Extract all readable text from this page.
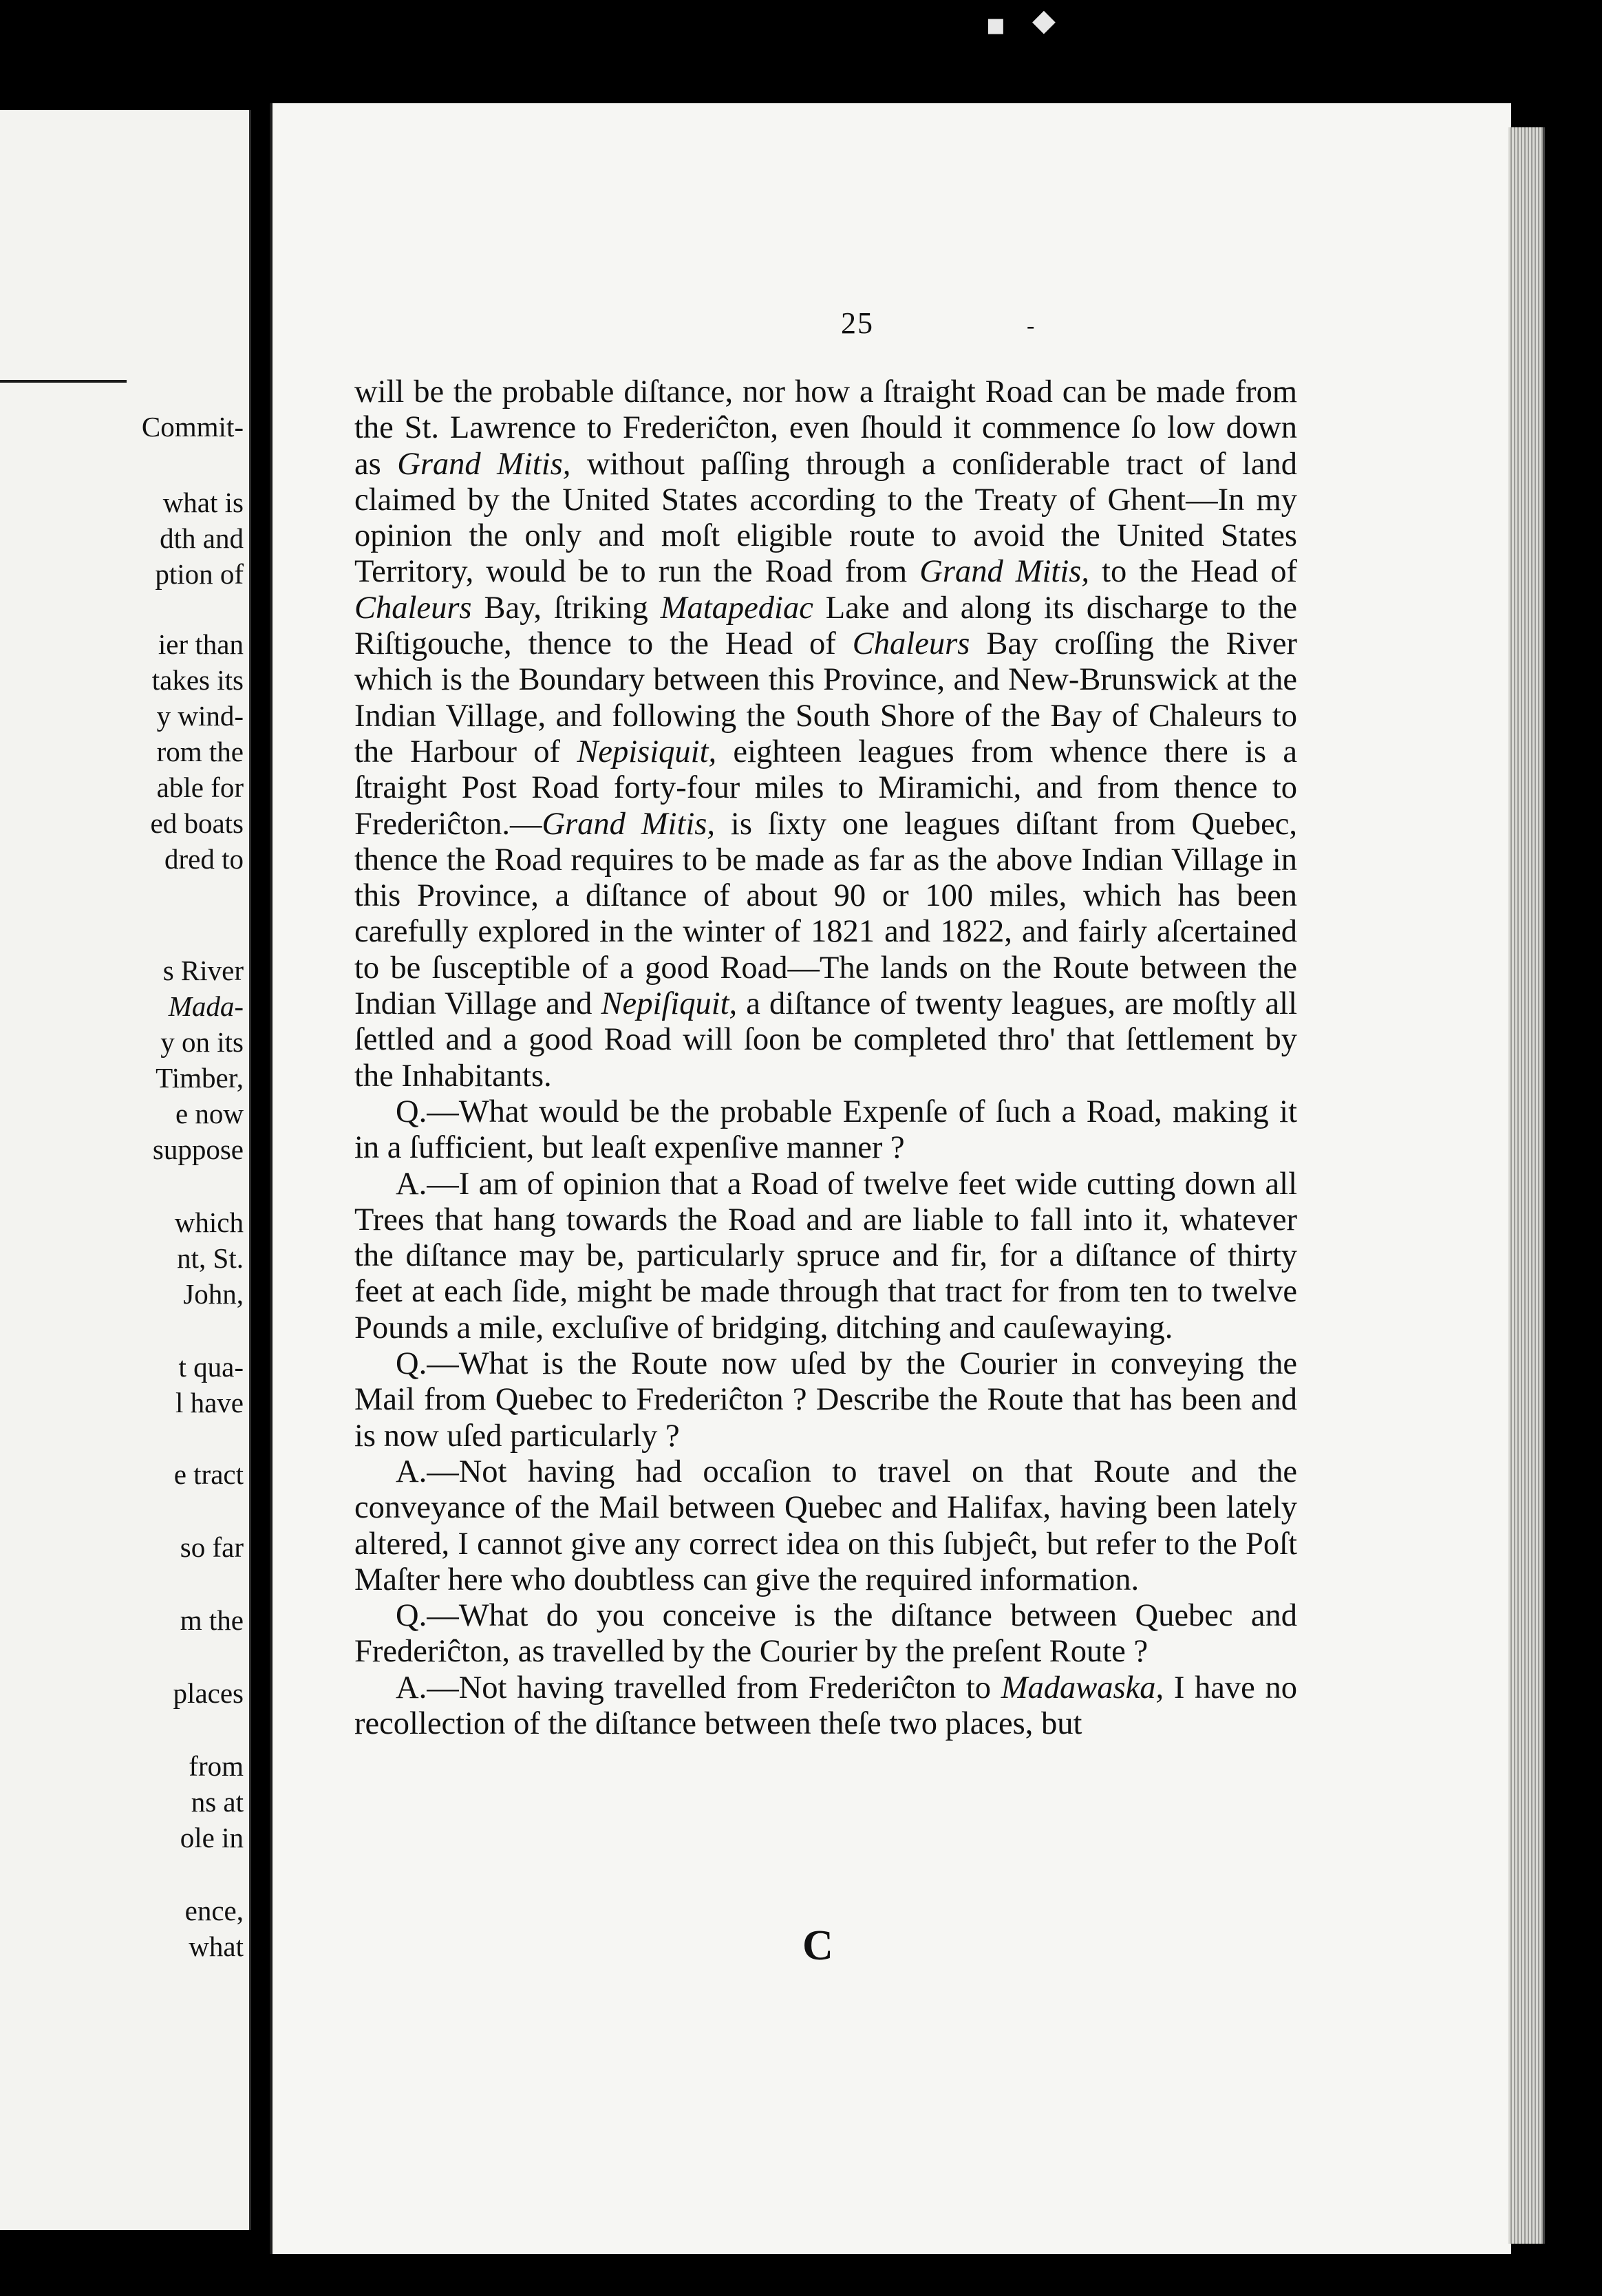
Commit-
what is
dth and
ption of
ier than
takes its
y wind-
rom the
able for
ed boats
dred to
s River
Mada-
y on its
Timber,
e now
suppose
which
nt, St.
John,
t qua-
l have
e tract
so far
m the
places
from
ns at
ole in
ence,
what
25	-

will be the probable diſtance, nor how a ſtraight Road can be made from the St. Lawrence to Frederiĉton, even ſhould it commence ſo low down as Grand Mitis, without paſſing through a conſiderable tract of land claimed by the United States according to the Treaty of Ghent—In my opinion the only and moſt eligible route to avoid the United States Territory, would be to run the Road from Grand Mitis, to the Head of Chaleurs Bay, ſtriking Matapediac Lake and along its discharge to the Riſtigouche, thence to the Head of Chaleurs Bay croſſing the River which is the Boundary between this Province, and New-Brunswick at the Indian Village, and following the South Shore of the Bay of Chaleurs to the Harbour of Nepisiquit, eighteen leagues from whence there is a ſtraight Post Road forty-four miles to Miramichi, and from thence to Frederiĉton.—Grand Mitis, is ſixty one leagues diſtant from Quebec, thence the Road requires to be made as far as the above Indian Village in this Province, a diſtance of about 90 or 100 miles, which has been carefully explored in the winter of 1821 and 1822, and fairly aſcertained to be ſusceptible of a good Road—The lands on the Route between the Indian Village and Nepiſiquit, a diſtance of twenty leagues, are moſtly all ſettled and a good Road will ſoon be completed thro' that ſettlement by the Inhabitants.

Q.—What would be the probable Expenſe of ſuch a Road, making it in a ſufficient, but leaſt expenſive manner ?

A.—I am of opinion that a Road of twelve feet wide cutting down all Trees that hang towards the Road and are liable to fall into it, whatever the diſtance may be, particularly spruce and fir, for a diſtance of thirty feet at each ſide, might be made through that tract for from ten to twelve Pounds a mile, excluſive of bridging, ditching and cauſewaying.

Q.—What is the Route now uſed by the Courier in conveying the Mail from Quebec to Frederiĉton ? Describe the Route that has been and is now uſed particularly ?

A.—Not having had occaſion to travel on that Route and the conveyance of the Mail between Quebec and Halifax, having been lately altered, I cannot give any correct idea on this ſubjeĉt, but refer to the Poſt Maſter here who doubtless can give the required information.

Q.—What do you conceive is the diſtance between Quebec and Frederiĉton, as travelled by the Courier by the preſent Route ?

A.—Not having travelled from Frederiĉton to Madawaska, I have no recollection of the diſtance between theſe two places, but

C
▪ ◆
